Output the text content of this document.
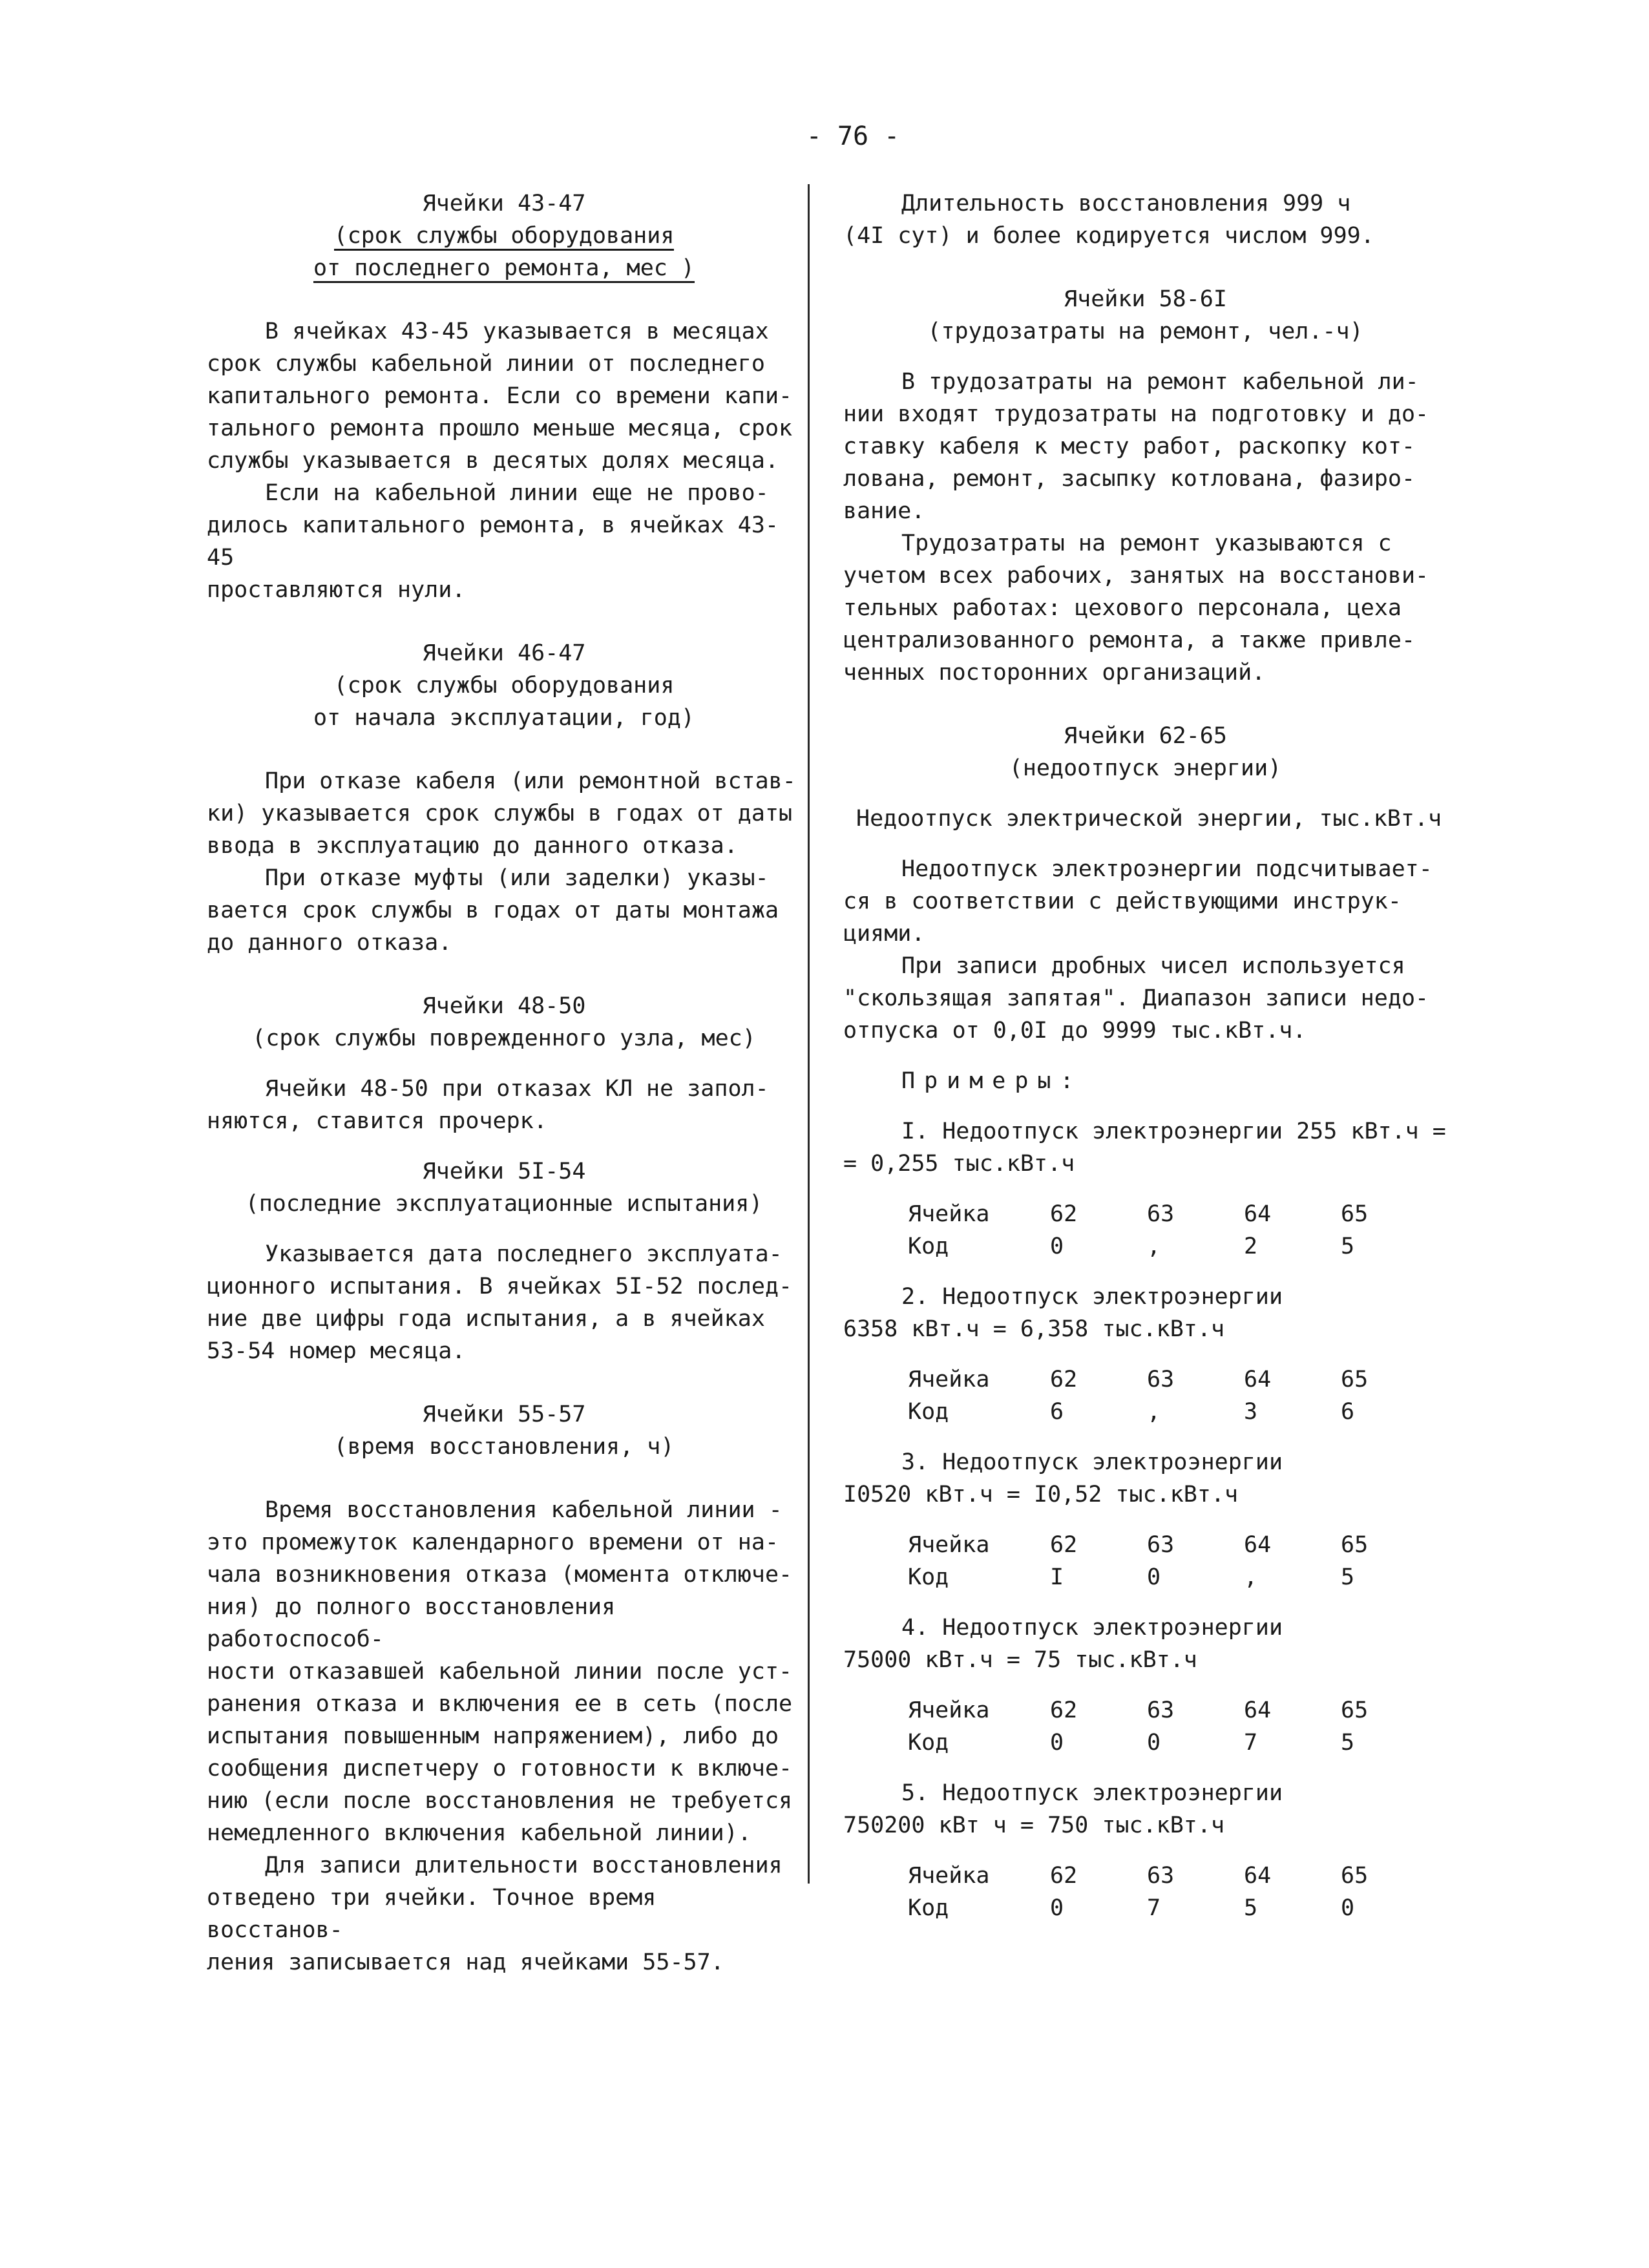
- 76 -

Ячейки 43-47

(срок службы оборудования

от последнего ремонта, мес )

В ячейках 43-45 указывается в месяцах
срок службы кабельной линии от последнего
капитального ремонта. Если со времени капи-
тального ремонта прошло меньше месяца, срок
службы указывается в десятых долях месяца.
Если на кабельной линии еще не прово-
дилось капитального ремонта, в ячейках 43-45
проставляются нули.

Ячейки 46-47

(срок службы оборудования

от начала эксплуатации, год)

При отказе кабеля (или ремонтной встав-
ки) указывается срок службы в годах от даты
ввода в эксплуатацию до данного отказа.
При отказе муфты (или заделки) указы-
вается срок службы в годах от даты монтажа
до данного отказа.

Ячейки 48-50

(срок службы поврежденного узла, мес)

Ячейки 48-50 при отказах КЛ не запол-
няются, ставится прочерк.

Ячейки 5I-54

(последние эксплуатационные испытания)

Указывается дата последнего эксплуата-
ционного испытания. В ячейках 5I-52 послед-
ние две цифры года испытания, а в ячейках
53-54 номер месяца.

Ячейки 55-57

(время восстановления, ч)

Время восстановления кабельной линии -
это промежуток календарного времени от на-
чала возникновения отказа (момента отключе-
ния) до полного восстановления работоспособ-
ности отказавшей кабельной линии после уст-
ранения отказа и включения ее в сеть (после
испытания повышенным напряжением), либо до
сообщения диспетчеру о готовности к включе-
нию (если после восстановления не требуется
немедленного включения кабельной линии).
Для записи длительности восстановления
отведено три ячейки. Точное время восстанов-
ления записывается над ячейками 55-57.
Длительность восстановления 999 ч
(4I сут) и более кодируется числом 999.

Ячейки 58-6I

(трудозатраты на ремонт, чел.-ч)

В трудозатраты на ремонт кабельной ли-
нии входят трудозатраты на подготовку и до-
ставку кабеля к месту работ, раскопку кот-
лована, ремонт, засыпку котлована, фазиро-
вание.
Трудозатраты на ремонт указываются с
учетом всех рабочих, занятых на восстанови-
тельных работах: цехового персонала, цеха
централизованного ремонта, а также привле-
ченных посторонних организаций.

Ячейки 62-65

(недоотпуск энергии)

Недоотпуск электрической энергии, тыс.кВт.ч

Недоотпуск электроэнергии подсчитывает-
ся в соответствии с действующими инструк-
циями.
При записи дробных чисел используется
"скользящая запятая". Диапазон записи недо-
отпуска от 0,0I до 9999 тыс.кВт.ч.

Примеры:

I. Недоотпуск электроэнергии 255 кВт.ч =
= 0,255 тыс.кВт.ч
Ячейка	62	63	64	65
Код	0	,	2	5
2. Недоотпуск электроэнергии
6358 кВт.ч = 6,358 тыс.кВт.ч
Ячейка	62	63	64	65
Код	6	,	3	6
3. Недоотпуск электроэнергии
I0520 кВт.ч = I0,52 тыс.кВт.ч
Ячейка	62	63	64	65
Код	I	0	,	5
4. Недоотпуск электроэнергии
75000 кВт.ч = 75 тыс.кВт.ч
Ячейка	62	63	64	65
Код	0	0	7	5
5. Недоотпуск электроэнергии
750200 кВт ч = 750 тыс.кВт.ч
Ячейка	62	63	64	65
Код	0	7	5	0
